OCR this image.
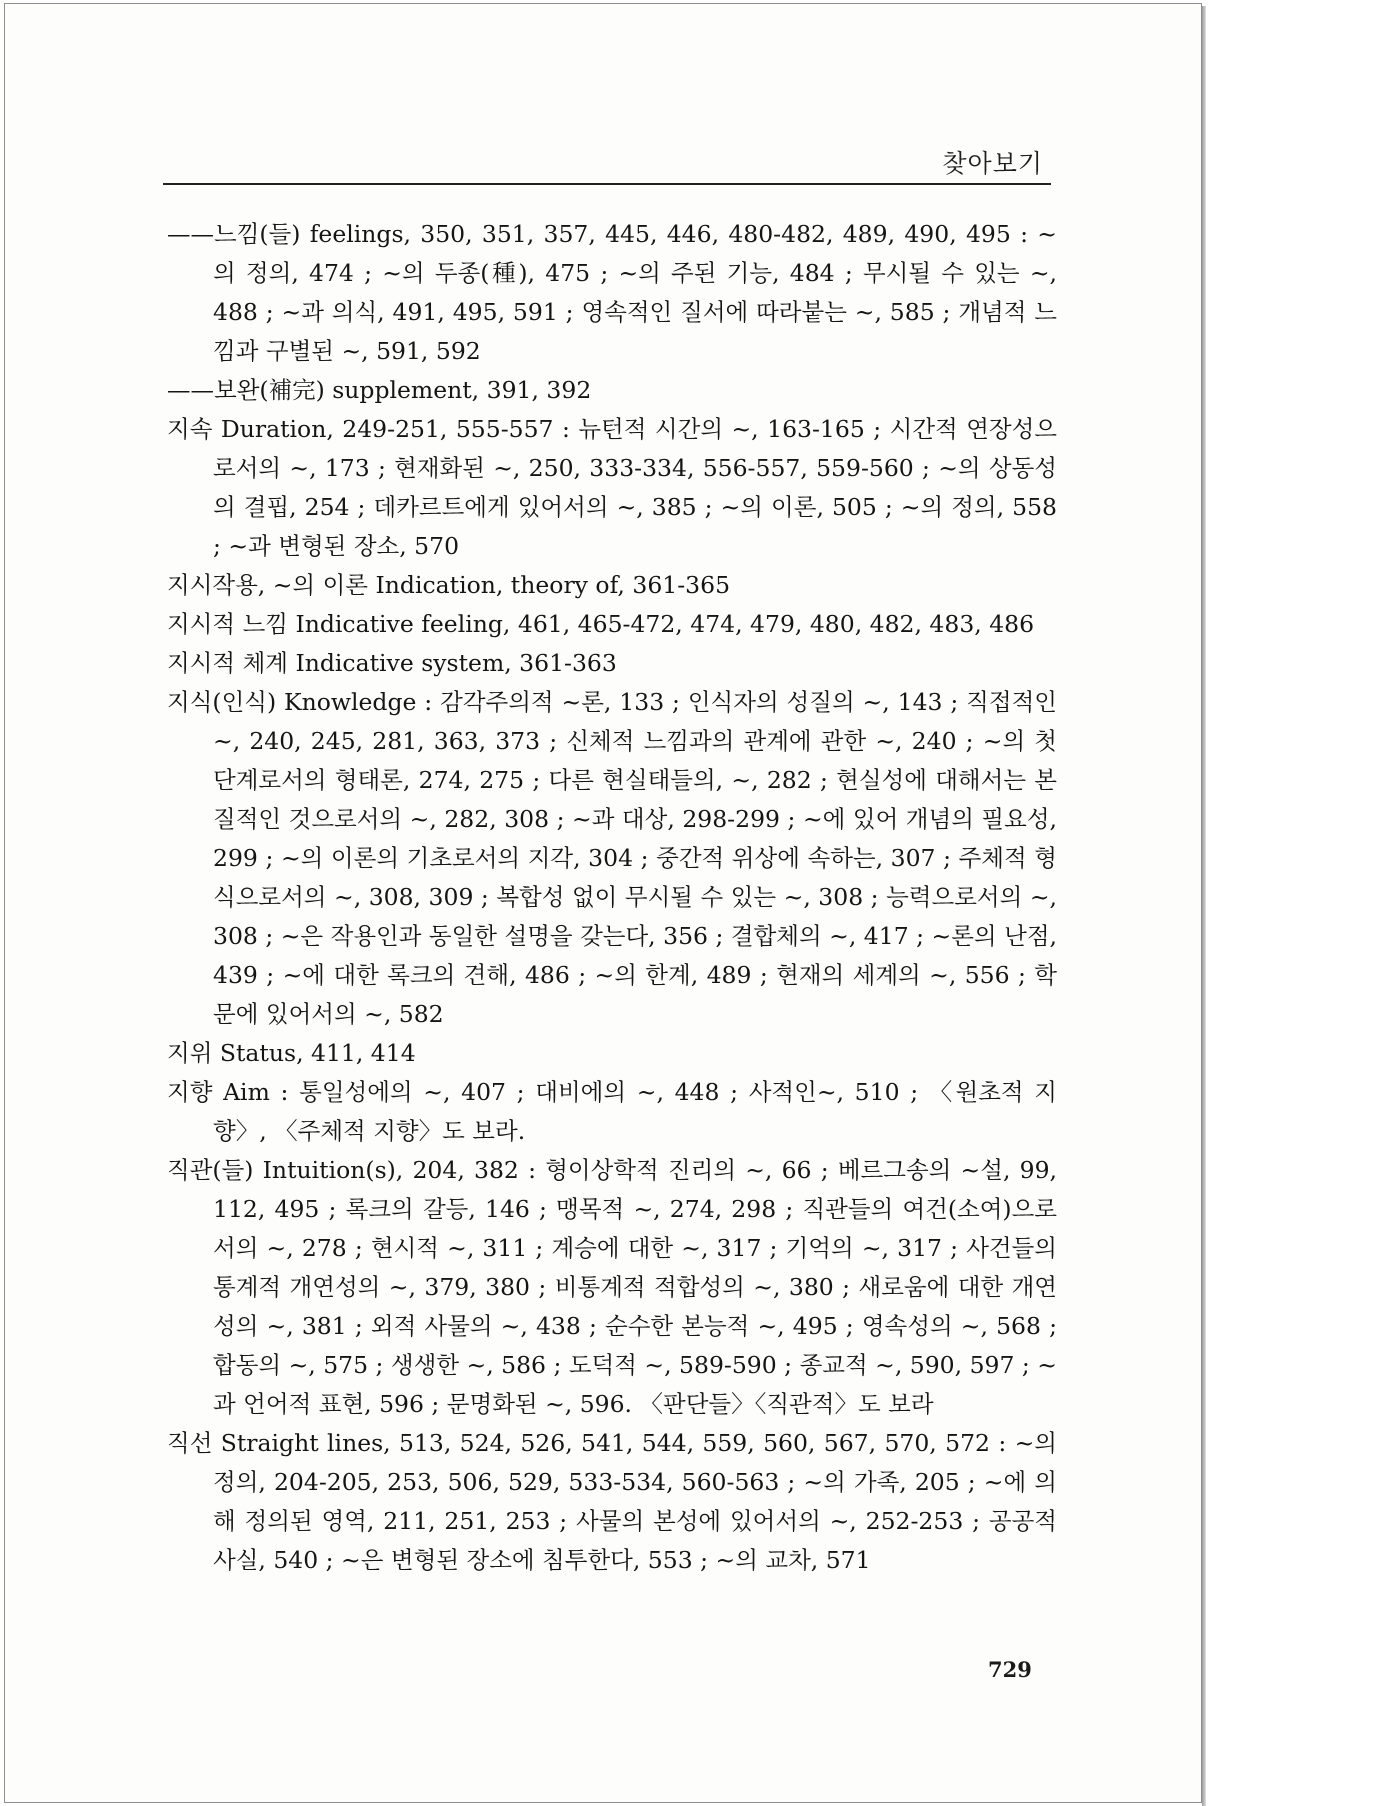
찾아보기
——느낌(들) feelings, 350, 351, 357, 445, 446, 480-482, 489, 490, 495 : ~의 정의, 474 ; ~의 두종(種), 475 ; ~의 주된 기능, 484 ; 무시될 수 있는 ~, 488 ; ~과 의식, 491, 495, 591 ; 영속적인 질서에 따라붙는 ~, 585 ; 개념적 느낌과 구별된 ~, 591, 592
——보완(補完) supplement, 391, 392
지속 Duration, 249-251, 555-557 : 뉴턴적 시간의 ~, 163-165 ; 시간적 연장성으로서의 ~, 173 ; 현재화된 ~, 250, 333-334, 556-557, 559-560 ; ~의 상동성의 결핍, 254 ; 데카르트에게 있어서의 ~, 385 ; ~의 이론, 505 ; ~의 정의, 558 ; ~과 변형된 장소, 570
지시작용, ~의 이론 Indication, theory of, 361-365
지시적 느낌 Indicative feeling, 461, 465-472, 474, 479, 480, 482, 483, 486
지시적 체계 Indicative system, 361-363
지식(인식) Knowledge : 감각주의적 ~론, 133 ; 인식자의 성질의 ~, 143 ; 직접적인 ~, 240, 245, 281, 363, 373 ; 신체적 느낌과의 관계에 관한 ~, 240 ; ~의 첫 단계로서의 형태론, 274, 275 ; 다른 현실태들의, ~, 282 ; 현실성에 대해서는 본질적인 것으로서의 ~, 282, 308 ; ~과 대상, 298-299 ; ~에 있어 개념의 필요성, 299 ; ~의 이론의 기초로서의 지각, 304 ; 중간적 위상에 속하는, 307 ; 주체적 형식으로서의 ~, 308, 309 ; 복합성 없이 무시될 수 있는 ~, 308 ; 능력으로서의 ~, 308 ; ~은 작용인과 동일한 설명을 갖는다, 356 ; 결합체의 ~, 417 ; ~론의 난점, 439 ; ~에 대한 록크의 견해, 486 ; ~의 한계, 489 ; 현재의 세계의 ~, 556 ; 학문에 있어서의 ~, 582
지위 Status, 411, 414
지향 Aim : 통일성에의 ~, 407 ; 대비에의 ~, 448 ; 사적인~, 510 ; 〈원초적 지향〉, 〈주체적 지향〉도 보라.
직관(들) Intuition(s), 204, 382 : 형이상학적 진리의 ~, 66 ; 베르그송의 ~설, 99, 112, 495 ; 록크의 갈등, 146 ; 맹목적 ~, 274, 298 ; 직관들의 여건(소여)으로서의 ~, 278 ; 현시적 ~, 311 ; 계승에 대한 ~, 317 ; 기억의 ~, 317 ; 사건들의 통계적 개연성의 ~, 379, 380 ; 비통계적 적합성의 ~, 380 ; 새로움에 대한 개연성의 ~, 381 ; 외적 사물의 ~, 438 ; 순수한 본능적 ~, 495 ; 영속성의 ~, 568 ; 합동의 ~, 575 ; 생생한 ~, 586 ; 도덕적 ~, 589-590 ; 종교적 ~, 590, 597 ; ~과 언어적 표현, 596 ; 문명화된 ~, 596. 〈판단들〉〈직관적〉도 보라
직선 Straight lines, 513, 524, 526, 541, 544, 559, 560, 567, 570, 572 : ~의 정의, 204-205, 253, 506, 529, 533-534, 560-563 ; ~의 가족, 205 ; ~에 의해 정의된 영역, 211, 251, 253 ; 사물의 본성에 있어서의 ~, 252-253 ; 공공적 사실, 540 ; ~은 변형된 장소에 침투한다, 553 ; ~의 교차, 571
729
